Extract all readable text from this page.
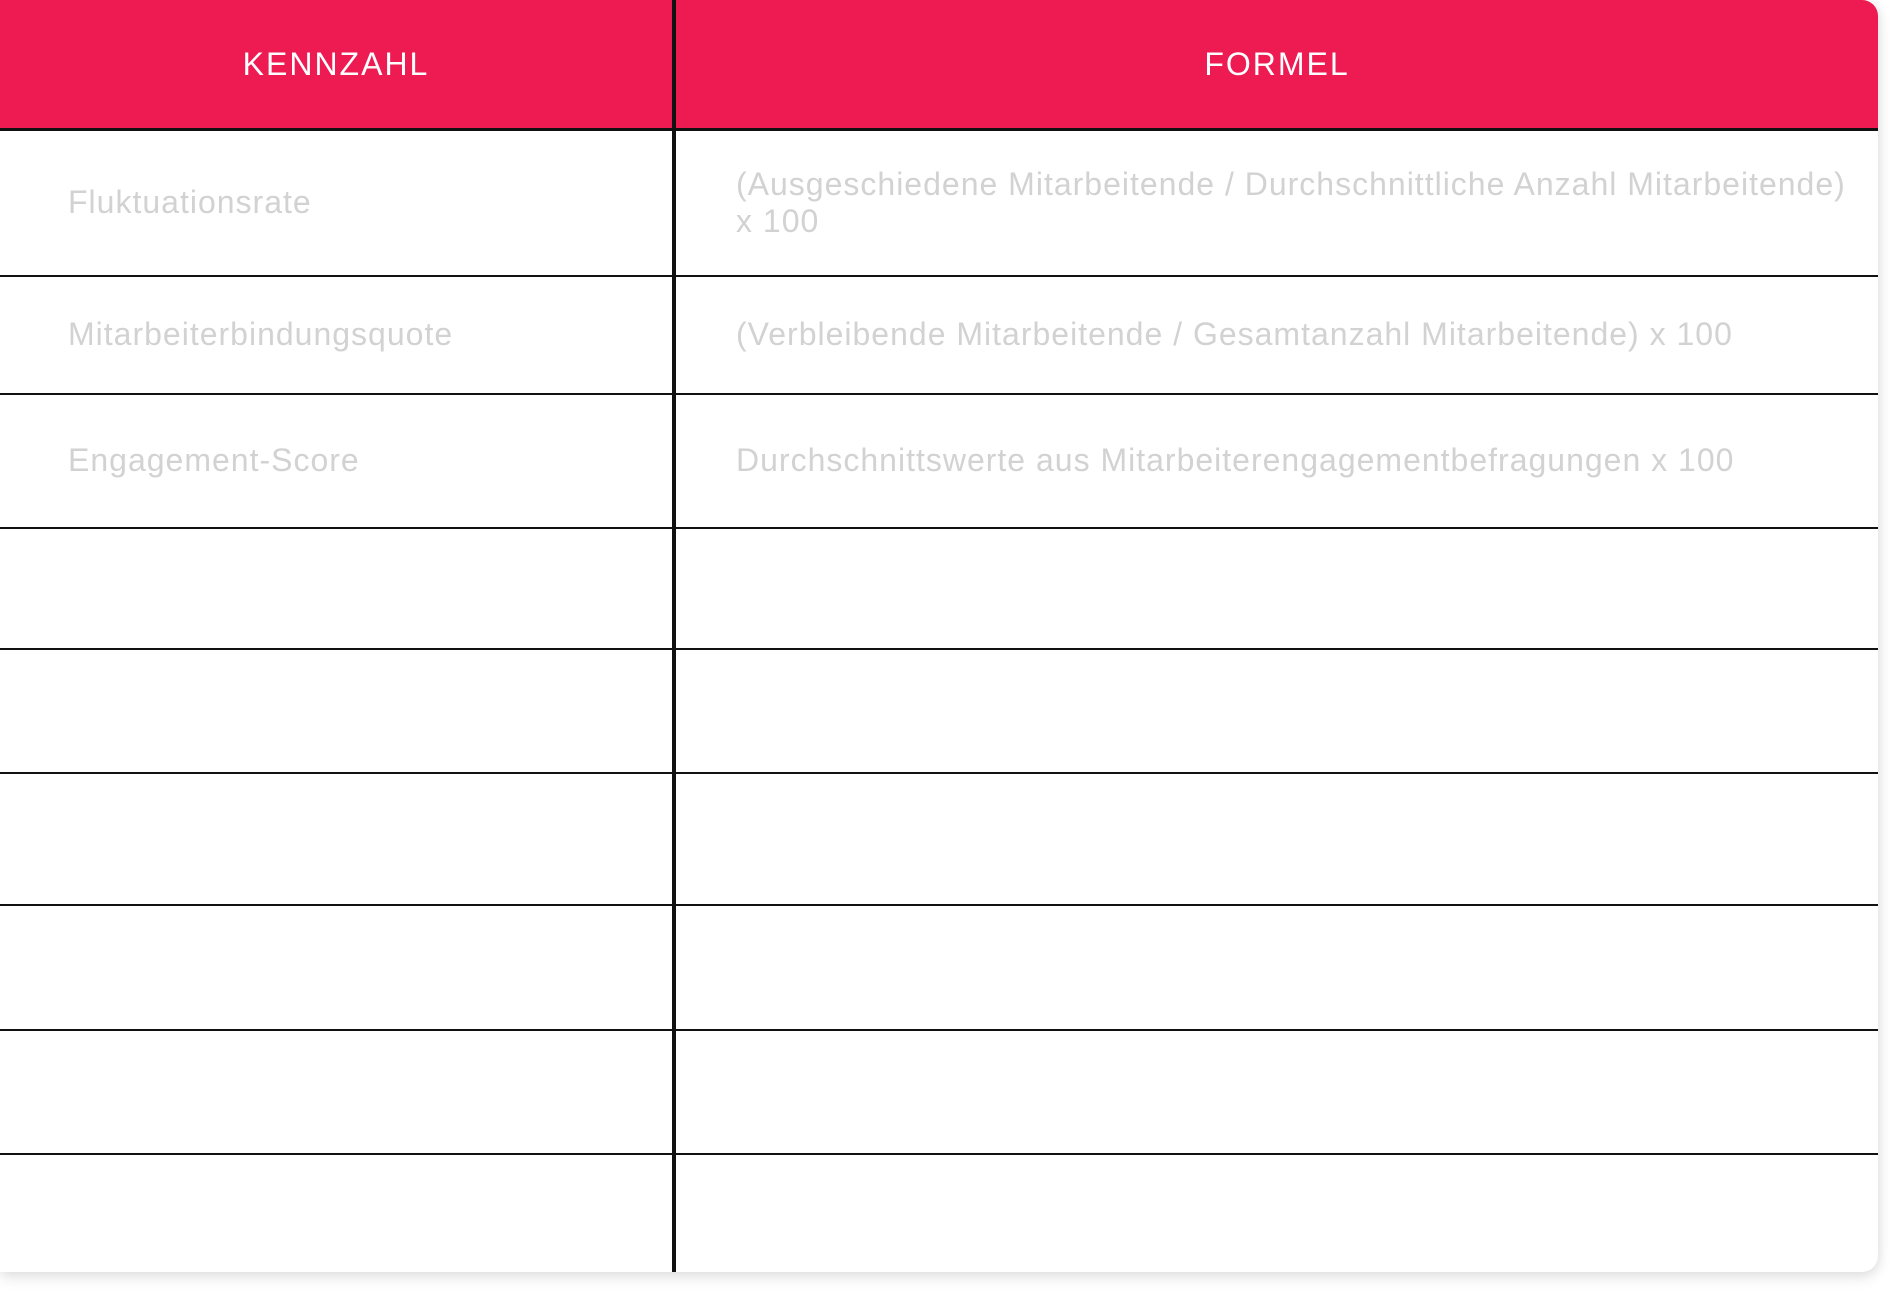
KENNZAHL	FORMEL
Fluktuationsrate	(Ausgeschiedene Mitarbeitende / Durchschnittliche Anzahl Mitarbeitende) x 100
Mitarbeiterbindungsquote	(Verbleibende Mitarbeitende / Gesamtanzahl Mitarbeitende) x 100
Engagement-Score	Durchschnittswerte aus Mitarbeiterengagementbefragungen x 100
